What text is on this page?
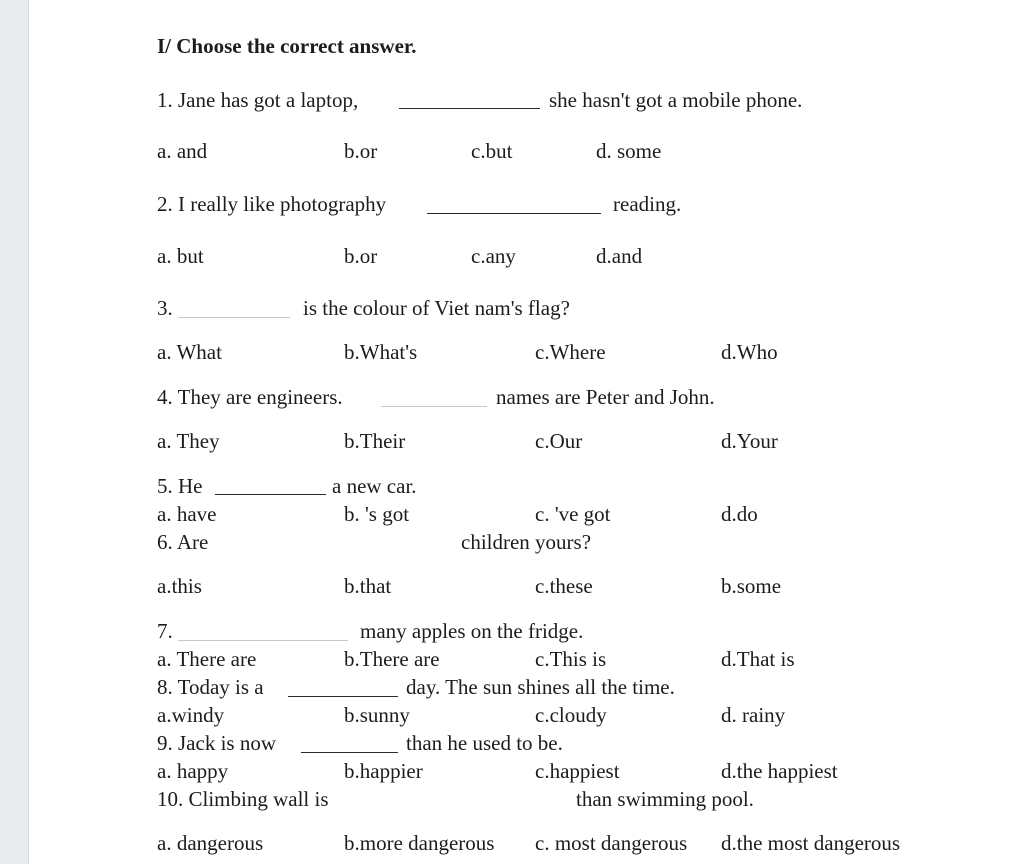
I/ Choose the correct answer.
1. Jane has got a laptop,	she hasn't got a mobile phone.
a. and	b.or	c.but	d. some
2. I really like photography	reading.
a. but	b.or	c.any	d.and
3.	is the colour of Viet nam's flag?
a. What	b.What's	c.Where	d.Who
4. They are engineers.	names are Peter and John.
a. They	b.Their	c.Our	d.Your
5. He	a new car.
a. have	b. 's got	c. 've got	d.do
6. Are	children yours?
a.this	b.that	c.these	b.some
7.	many apples on the fridge.
a. There are	b.There are	c.This is	d.That is
8. Today is a	day. The sun shines all the time.
a.windy	b.sunny	c.cloudy	d. rainy
9. Jack is now	than he used to be.
a. happy	b.happier	c.happiest	d.the happiest
10. Climbing wall is	than swimming pool.
a. dangerous	b.more dangerous c. most dangerous d.the most dangerous
